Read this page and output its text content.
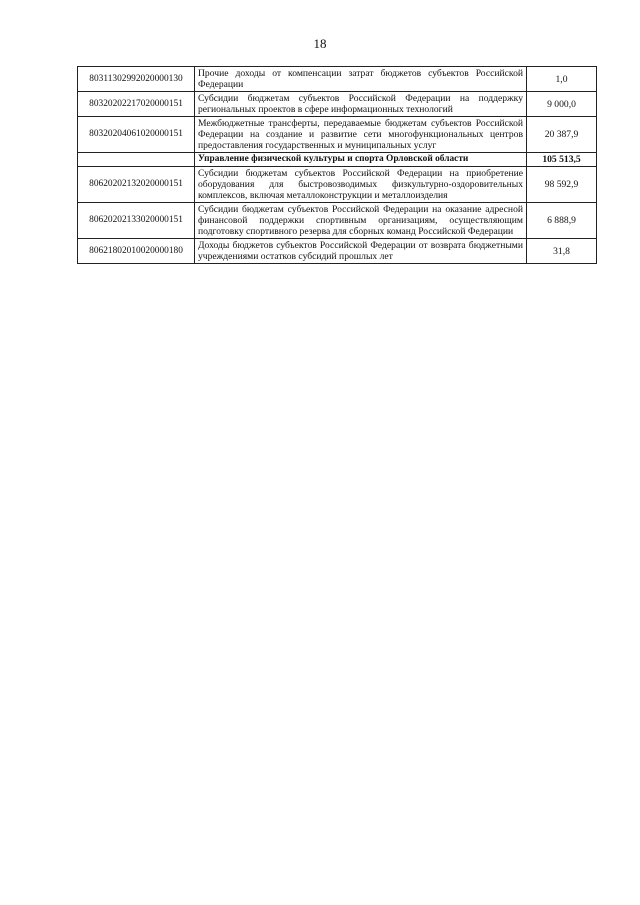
18
80311302992020000130	Прочие доходы от компенсации затрат бюджетов субъектов Российской Федерации	1,0
80320202217020000151	Субсидии бюджетам субъектов Российской Федерации на поддержку региональных проектов в сфере информационных технологий	9 000,0
80320204061020000151	Межбюджетные трансферты, передаваемые бюджетам субъектов Российской Федерации на создание и развитие сети многофункциональных центров предоставления государственных и муниципальных услуг	20 387,9
	Управление физической культуры и спорта Орловской области	105 513,5
80620202132020000151	Субсидии бюджетам субъектов Российской Федерации на приобретение оборудования для быстровозводимых физкультурно-оздоровительных комплексов, включая металлоконструкции и металлоизделия	98 592,9
80620202133020000151	Субсидии бюджетам субъектов Российской Федерации на оказание адресной финансовой поддержки спортивным организациям, осуществляющим подготовку спортивного резерва для сборных команд Российской Федерации	6 888,9
80621802010020000180	Доходы бюджетов субъектов Российской Федерации от возврата бюджетными учреждениями остатков субсидий прошлых лет	31,8
